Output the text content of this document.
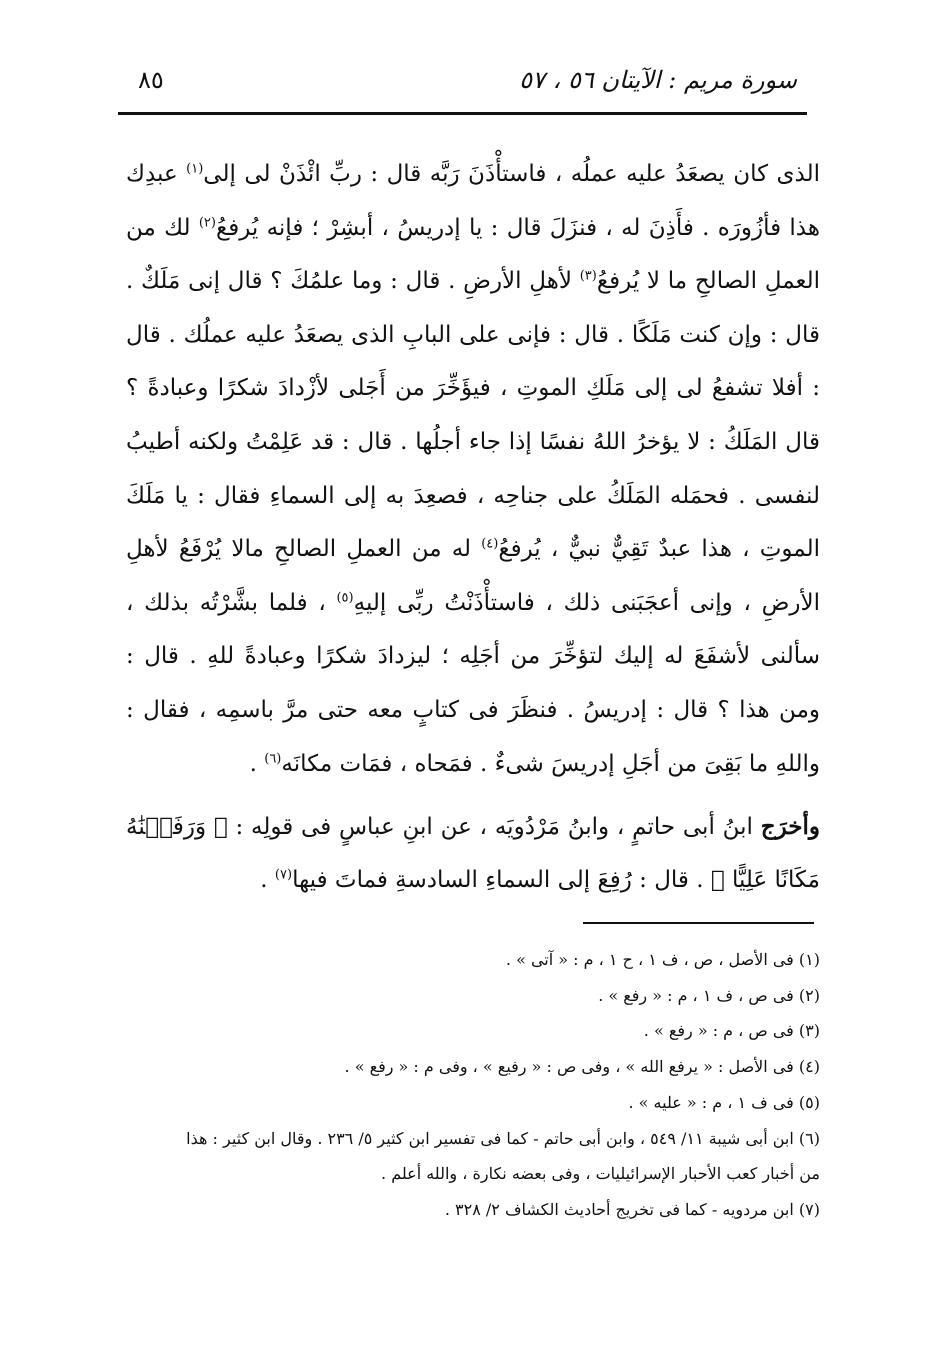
سورة مريم : الآيتان ٥٦ ، ٥٧
٨٥

الذى كان يصعَدُ عليه عملُه ، فاستأْذَنَ رَبَّه قال : ربِّ ائْذَنْ لى إلى$^{(١)}$ عبدِك هذا فأزُورَه . فأَذِنَ له ، فنزَلَ قال : يا إدريسُ ، أبشِرْ ؛ فإنه يُرفعُ$^{(٢)}$ لك من العملِ الصالحِ ما لا يُرفعُ$^{(٣)}$ لأهلِ الأرضِ . قال : وما علمُكَ ؟ قال إنى مَلَكٌ . قال : وإن كنت مَلَكًا . قال : فإنى على البابِ الذى يصعَدُ عليه عملُك . قال : أفلا تشفعُ لى إلى مَلَكِ الموتِ ، فيؤَخِّرَ من أَجَلى لأزْدادَ شكرًا وعبادةً ؟ قال المَلَكُ : لا يؤخرُ اللهُ نفسًا إذا جاء أجلُها . قال : قد عَلِمْتُ ولكنه أطيبُ لنفسى . فحمَله المَلَكُ على جناحِه ، فصعِدَ به إلى السماءِ فقال : يا مَلَكَ الموتِ ، هذا عبدٌ تَقِيٌّ نبيٌّ ، يُرفعُ$^{(٤)}$ له من العملِ الصالحِ مالا يُرْفَعُ لأهلِ الأرضِ ، وإنى أعجَبَنى ذلك ، فاستأْذَنْتُ ربِّى إليهِ$^{(٥)}$ ، فلما بشَّرْتُه بذلك ، سألنى لأشفَعَ له إليك لتؤخِّرَ من أجَلِه ؛ ليزدادَ شكرًا وعبادةً للهِ . قال : ومن هذا ؟ قال : إدريسُ . فنظَرَ فى كتابٍ معه حتى مرَّ باسمِه ، فقال : واللهِ ما بَقِىَ من أجَلِ إدريسَ شىءٌ . فمَحاه ، فمَات مكانَه$^{(٦)}$ .

وأخرَج ابنُ أبى حاتمٍ ، وابنُ مَرْدُويَه ، عن ابنِ عباسٍ فى قولِه : ﴿ وَرَفَعۡنَٰهُ مَكَانًا عَلِيًّا ﴾ . قال : رُفِعَ إلى السماءِ السادسةِ فماتَ فيها$^{(٧)}$ .

(١) فى الأصل ، ص ، ف ١ ، ح ١ ، م : « آتى » .

(٢) فى ص ، ف ١ ، م : « رفع » .

(٣) فى ص ، م : « رفع » .

(٤) فى الأصل : « يرفع الله » ، وفى ص : « رفيع » ، وفى م : « رفع » .

(٥) فى ف ١ ، م : « عليه » .

(٦) ابن أبى شيبة ١١/ ٥٤٩ ، وابن أبى حاتم - كما فى تفسير ابن كثير ٥/ ٢٣٦ . وقال ابن كثير : هذا

من أخبار كعب الأحبار الإسرائيليات ، وفى بعضه نكارة ، والله أعلم .

(٧) ابن مردويه - كما فى تخريج أحاديث الكشاف ٢/ ٣٢٨ .
